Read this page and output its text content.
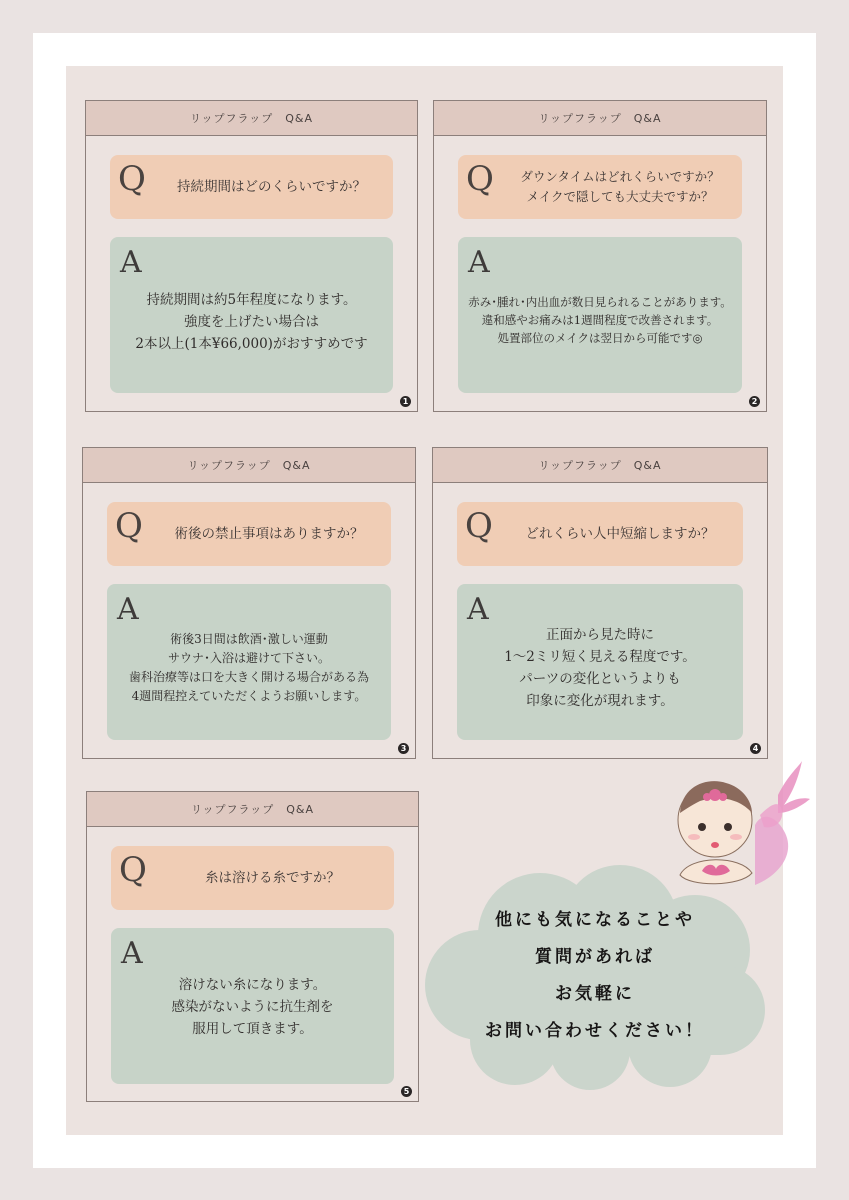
リップフラップ　Q&A
Q	持続期間はどのくらいですか？
A
持続期間は約5年程度になります。
強度を上げたい場合は
2本以上(1本¥66,000)がおすすめです
1
リップフラップ　Q&A
Q	ダウンタイムはどれくらいですか？
メイクで隠しても大丈夫ですか？
A
赤み･腫れ･内出血が数日見られることがあります。
違和感やお痛みは1週間程度で改善されます。
処置部位のメイクは翌日から可能です◎
2
リップフラップ　Q&A
Q	術後の禁止事項はありますか？
A
術後3日間は飲酒･激しい運動
サウナ･入浴は避けて下さい。
歯科治療等は口を大きく開ける場合がある為
4週間程控えていただくようお願いします。
3
リップフラップ　Q&A
Q	どれくらい人中短縮しますか？
A
正面から見た時に
1～2ミリ短く見える程度です。
パーツの変化というよりも
印象に変化が現れます。
4
リップフラップ　Q&A
Q	糸は溶ける糸ですか？
A
溶けない糸になります。
感染がないように抗生剤を
服用して頂きます。
5
他にも気になることや
質問があれば
お気軽に
お問い合わせください！
